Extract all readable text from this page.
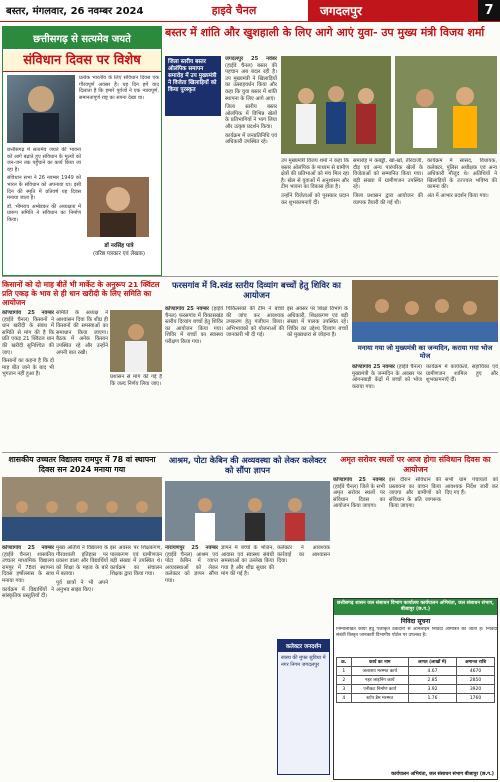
बस्तर, मंगलवार, 26 नवम्बर 2024	हाइवे चैनल	जगदलपुर	7
छत्तीसगढ़ से सत्यमेव जयते
संविधान दिवस पर विशेष

प्रत्येक भारतीय के लिए संविधान दिवस एक गौरवपूर्ण अवसर है। यह दिन हमें याद दिलाता है कि हमारे पूर्वजों ने एक न्यायपूर्ण, समानतापूर्ण राष्ट्र का सपना देखा था।

छत्तीसगढ़ में सत्यमेव जयते की भावना को आगे बढ़ाते हुए संविधान के मूल्यों को जन-जन तक पहुँचाने का कार्य किया जा रहा है।

संविधान सभा ने 26 नवम्बर 1949 को भारत के संविधान को अपनाया था। इसी दिन की स्मृति में प्रतिवर्ष यह दिवस मनाया जाता है।

डॉ. भीमराव अम्बेडकर की अध्यक्षता में प्रारूप समिति ने संविधान का निर्माण किया।

डॉ नरसिंह पात्रे
(वरिष्ठ पत्रकार एवं लेखक)
बस्तर में शांति और खुशहाली के लिए आगे आएं युवा- उप मुख्य मंत्री विजय शर्मा
जिला स्तरीय बस्तर ओलंपिक समापन समारोह में उप मुख्यमंत्री ने विजेता खिलाड़ियों को किया पुरस्कृत

जगदलपुर 25 नवंबर (हाईवे चैनल) बस्तर की पहचान अब बदल रही है। उप मुख्यमंत्री ने खिलाड़ियों का उत्साहवर्धन किया और कहा कि युवा बस्तर में शांति स्थापना के लिए आगे आएं।

जिला स्तरीय बस्तर ओलंपिक में विभिन्न खेलों के प्रतिभागियों ने भाग लिया और उत्कृष्ट प्रदर्शन किया।

कार्यक्रम में जनप्रतिनिधि एवं अधिकारी उपस्थित रहे।

उप मुख्यमंत्री विजय शर्मा ने कहा कि बस्तर ओलंपिक के माध्यम से ग्रामीण क्षेत्रों की प्रतिभाओं को मंच मिल रहा है। खेल से युवाओं में अनुशासन और टीम भावना का विकास होता है।

उन्होंने विजेताओं को पुरस्कार प्रदान कर शुभकामनाएँ दीं।

समारोह में कबड्डी, खो-खो, तीरंदाजी, दौड़ एवं अन्य पारंपरिक खेलों के विजेताओं को सम्मानित किया गया। बड़ी संख्या में ग्रामीणजन उपस्थित रहे।

जिला प्रशासन द्वारा आयोजन की व्यापक तैयारी की गई थी।

कार्यक्रम में सांसद, विधायक, कलेक्टर, पुलिस अधीक्षक एवं अन्य अधिकारी मौजूद थे। अतिथियों ने खिलाड़ियों के उज्ज्वल भविष्य की कामना की।

अंत में आभार प्रदर्शन किया गया।

किसानों को दो माह बीतें भी मार्केट के अनुरूप 21 क्विंटल प्रति एकड़ के भाव से ही धान खरीदी के लिए समिति का आयोजन

कोण्डागांव 25 नवम्बर (हाईवे चैनल) किसानों ने धान खरीदी के संबंध में समिति से मांग की है कि प्रति एकड़ 21 क्विंटल धान की खरीदी सुनिश्चित की जाए।

किसानों का कहना है कि दो माह बीत जाने के बाद भी भुगतान नहीं हुआ है।

समिति के अध्यक्ष ने आश्वासन दिया कि शीघ्र ही किसानों की समस्याओं का समाधान किया जाएगा। बैठक में अनेक किसान उपस्थित रहे और उन्होंने अपनी बात रखी।

प्रशासन से मांग की गई है कि जल्द निर्णय लिया जाए।

फरसगांव में वि.स्वंड स्तरीय दिव्यांग बच्चों हेतु शिविर का आयोजन

कोण्डागांव 25 नवम्बर (हाईवे चैनल) फरसगांव में विकासखंड स्तरीय दिव्यांग बच्चों हेतु शिविर का आयोजन किया गया। शिविर में बच्चों का स्वास्थ्य परीक्षण किया गया।

चिकित्सकों की टीम ने बच्चों की जांच कर आवश्यक उपकरण हेतु पंजीयन किया। अभिभावकों को योजनाओं की जानकारी भी दी गई।

इस अवसर पर शिक्षा विभाग के अधिकारी, शिक्षकगण एवं बड़ी संख्या में पालक उपस्थित रहे। शिविर का उद्देश्य दिव्यांग बच्चों को मुख्यधारा से जोड़ना है।

मनाया गया जो मुख्यमंत्री का जन्मदिन, कराया गया भोज मोज

कोण्डागांव 25 नवम्बर (हाईवे चैनल) मुख्यमंत्री के जन्मदिन के अवसर पर आंगनबाड़ी केंद्रों में बच्चों को भोज कराया गया।

कार्यक्रम में कार्यकर्ता, सहायिका एवं ग्रामीणजन शामिल हुए और शुभकामनाएँ दीं।

शासकीय उच्चतर विद्यालय रामपुर में 78 वां स्थापना दिवस सन 2024 मनाया गया

कोण्डागांव 25 नवम्बर (हाईवे चैनल) शासकीय उच्चतर माध्यमिक विद्यालय रामपुर में 78वां स्थापना दिवस हर्षोल्लास के साथ मनाया गया।

कार्यक्रम में विद्यार्थियों ने सांस्कृतिक प्रस्तुतियाँ दीं।

मुख्य अतिथि ने विद्यालय के गौरवशाली इतिहास पर प्रकाश डाला और विद्यार्थियों को शिक्षा के महत्व के बारे में बताया।

पूर्व छात्रों ने भी अपने अनुभव साझा किए।

इस अवसर पर शिक्षकगण, पालकगण एवं ग्रामीणजन बड़ी संख्या में उपस्थित थे। कार्यक्रम का संचालन शिक्षक द्वारा किया गया।

आश्रम, पोटा केबिन की अव्यवस्था को लेकर कलेक्टर को सौंपा ज्ञापन

नारायणपुर 25 नवम्बर (हाईवे चैनल) आश्रम एवं पोटा केबिन में व्याप्त अव्यवस्थाओं को लेकर कलेक्टर को ज्ञापन सौंपा गया।

ज्ञापन में बच्चों के भोजन, आवास एवं स्वास्थ्य संबंधी समस्याओं का उल्लेख किया गया है और शीघ्र सुधार की मांग की गई है।

कलेक्टर ने आवश्यक कार्रवाई का आश्वासन दिया।

कलेक्टर जनदर्शन
स्वस्थ की मुफ्त सुविधा में नगर निगम जगदलपुर
अमृत सरोवर स्थलों पर आज होगा संविधान दिवस का आयोजन

कोण्डागांव 25 नवम्बर (हाईवे चैनल) जिले के सभी अमृत सरोवर स्थलों पर संविधान दिवस का आयोजन किया जाएगा।

इस दौरान संविधान की प्रस्तावना का वाचन किया जाएगा और ग्रामीणों को संविधान के प्रति जागरूक किया जाएगा।

सभी ग्राम पंचायतों को आवश्यक निर्देश जारी कर दिए गए हैं।

छत्तीसगढ़ शासन जल संसाधन विभाग कार्यालय कार्यपालन अभियंता, जल संसाधन संभाग, बीजापुर (छ.ग.)
निविदा सूचना

निम्नलिखित कार्यों हेतु पंजीकृत ठेकेदारों से ऑनलाइन निविदा आमंत्रित की जाती है। निविदा संबंधी विस्तृत जानकारी विभागीय पोर्टल पर उपलब्ध है।

क्र.	कार्य का नाम	लागत (लाखों में)	अमानत राशि
1	जलाशय मरम्मत कार्य	4.67	4670
2	नहर लाइनिंग कार्य	2.85	2850
3	एनीकट निर्माण कार्य	3.92	3920
4	स्टॉप डेम मरम्मत	1.76	1760
कार्यपालन अभियंता, जल संसाधन संभाग बीजापुर (छ.ग.)
